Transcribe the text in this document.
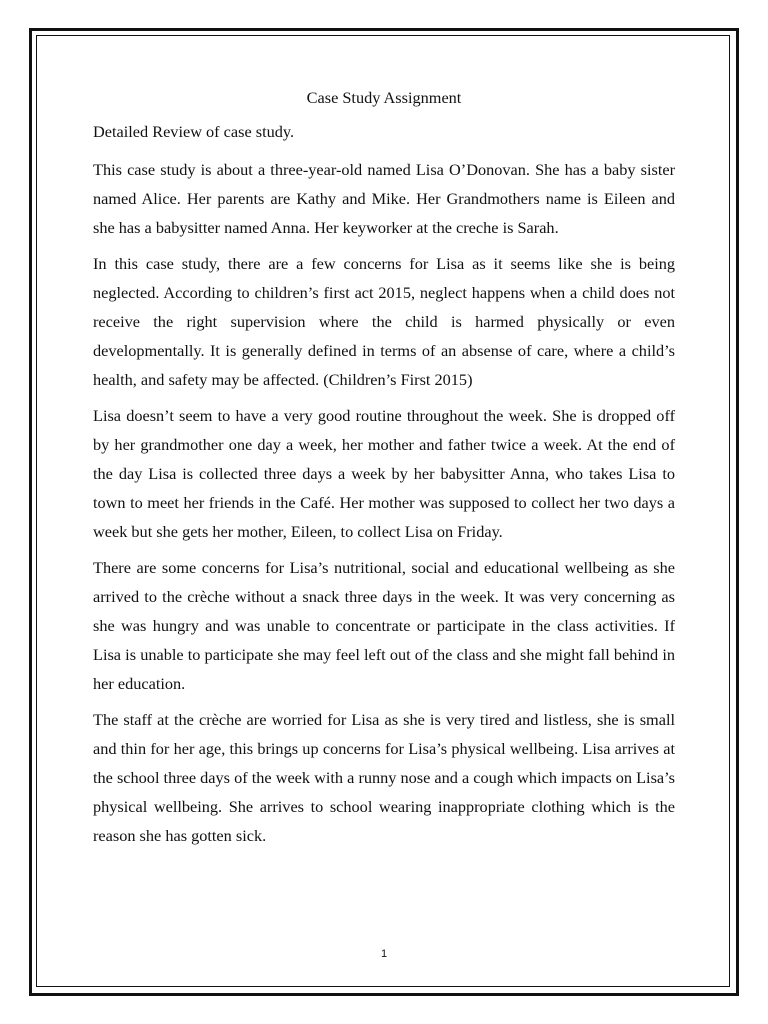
Case Study Assignment
Detailed Review of case study.

This case study is about a three-year-old named Lisa O’Donovan. She has a baby sister named Alice. Her parents are Kathy and Mike. Her Grandmothers name is Eileen and she has a babysitter named Anna. Her keyworker at the creche is Sarah.

In this case study, there are a few concerns for Lisa as it seems like she is being neglected. According to children’s first act 2015, neglect happens when a child does not receive the right supervision where the child is harmed physically or even developmentally. It is generally defined in terms of an absense of care, where a child’s health, and safety may be affected. (Children’s First 2015)

Lisa doesn’t seem to have a very good routine throughout the week. She is dropped off by her grandmother one day a week, her mother and father twice a week. At the end of the day Lisa is collected three days a week by her babysitter Anna, who takes Lisa to town to meet her friends in the Café. Her mother was supposed to collect her two days a week but she gets her mother, Eileen, to collect Lisa on Friday.

There are some concerns for Lisa’s nutritional, social and educational wellbeing as she arrived to the crèche without a snack three days in the week. It was very concerning as she was hungry and was unable to concentrate or participate in the class activities. If Lisa is unable to participate she may feel left out of the class and she might fall behind in her education.

The staff at the crèche are worried for Lisa as she is very tired and listless, she is small and thin for her age, this brings up concerns for Lisa’s physical wellbeing. Lisa arrives at the school three days of the week with a runny nose and a cough which impacts on Lisa’s physical wellbeing. She arrives to school wearing inappropriate clothing which is the reason she has gotten sick.

1
